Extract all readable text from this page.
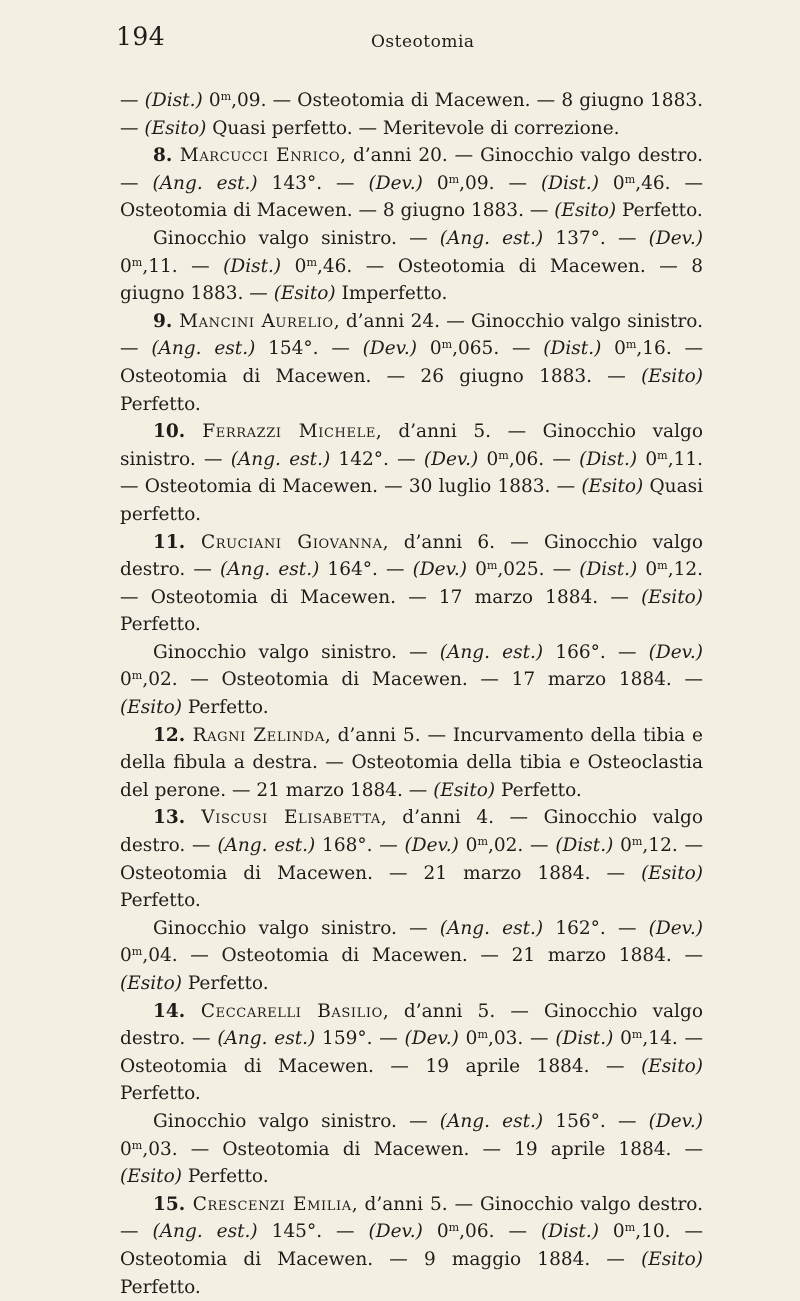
194	Osteotomia

— (Dist.) 0$^m$,09. — Osteotomia di Macewen. — 8 giugno 1883. — (Esito) Quasi perfetto. — Meritevole di correzione.

8. Marcucci Enrico, d’anni 20. — Ginocchio valgo destro. — (Ang. est.) 143°. — (Dev.) 0$^m$,09. — (Dist.) 0$^m$,46. — Osteotomia di Macewen. — 8 giugno 1883. — (Esito) Perfetto.

Ginocchio valgo sinistro. — (Ang. est.) 137°. — (Dev.) 0$^m$,11. — (Dist.) 0$^m$,46. — Osteotomia di Macewen. — 8 giugno 1883. — (Esito) Imperfetto.

9. Mancini Aurelio, d’anni 24. — Ginocchio valgo sinistro. — (Ang. est.) 154°. — (Dev.) 0$^m$,065. — (Dist.) 0$^m$,16. — Osteotomia di Macewen. — 26 giugno 1883. — (Esito) Perfetto.

10. Ferrazzi Michele, d’anni 5. — Ginocchio valgo sinistro. — (Ang. est.) 142°. — (Dev.) 0$^m$,06. — (Dist.) 0$^m$,11. — Osteotomia di Macewen. — 30 luglio 1883. — (Esito) Quasi perfetto.

11. Cruciani Giovanna, d’anni 6. — Ginocchio valgo destro. — (Ang. est.) 164°. — (Dev.) 0$^m$,025. — (Dist.) 0$^m$,12. — Osteotomia di Macewen. — 17 marzo 1884. — (Esito) Perfetto.

Ginocchio valgo sinistro. — (Ang. est.) 166°. — (Dev.) 0$^m$,02. — Osteotomia di Macewen. — 17 marzo 1884. — (Esito) Perfetto.

12. Ragni Zelinda, d’anni 5. — Incurvamento della tibia e della fibula a destra. — Osteotomia della tibia e Osteoclastia del perone. — 21 marzo 1884. — (Esito) Perfetto.

13. Viscusi Elisabetta, d’anni 4. — Ginocchio valgo destro. — (Ang. est.) 168°. — (Dev.) 0$^m$,02. — (Dist.) 0$^m$,12. — Osteotomia di Macewen. — 21 marzo 1884. — (Esito) Perfetto.

Ginocchio valgo sinistro. — (Ang. est.) 162°. — (Dev.) 0$^m$,04. — Osteotomia di Macewen. — 21 marzo 1884. — (Esito) Perfetto.

14. Ceccarelli Basilio, d’anni 5. — Ginocchio valgo destro. — (Ang. est.) 159°. — (Dev.) 0$^m$,03. — (Dist.) 0$^m$,14. — Osteotomia di Macewen. — 19 aprile 1884. — (Esito) Perfetto.

Ginocchio valgo sinistro. — (Ang. est.) 156°. — (Dev.) 0$^m$,03. — Osteotomia di Macewen. — 19 aprile 1884. — (Esito) Perfetto.

15. Crescenzi Emilia, d’anni 5. — Ginocchio valgo destro. — (Ang. est.) 145°. — (Dev.) 0$^m$,06. — (Dist.) 0$^m$,10. — Osteotomia di Macewen. — 9 maggio 1884. — (Esito) Perfetto.
